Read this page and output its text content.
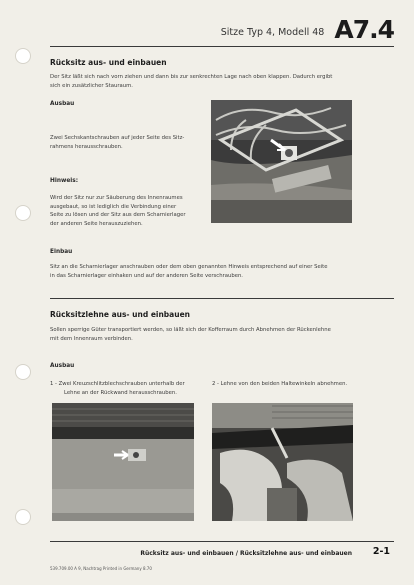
Sitze Typ 4, Modell 48 A7.4
Rücksitz aus- und einbauen
Der Sitz läßt sich nach vorn ziehen und dann bis zur senkrechten Lage nach oben klappen. Dadurch ergibt
sich ein zusätzlicher Stauraum.
Ausbau
Zwei Sechskantschrauben auf jeder Seite des Sitz-
rahmens herausschrauben.
Hinweis:
Wird der Sitz nur zur Säuberung des Innenraumes
ausgebaut, so ist lediglich die Verbindung einer
Seite zu lösen und der Sitz aus dem Scharnierlager
der anderen Seite herauszuziehen.
Einbau
Sitz an die Scharnierlager anschrauben oder dem oben genannten Hinweis entsprechend auf einer Seite
in das Scharnierlager einhaken und auf der anderen Seite verschrauben.
Rücksitzlehne aus- und einbauen
Sollen sperrige Güter transportiert werden, so läßt sich der Kofferraum durch Abnehmen der Rückenlehne
mit dem Innenraum verbinden.
Ausbau
1 - Zwei Kreuzschlitzblechschrauben unterhalb der
Lehne an der Rückwand herausschrauben.
2 - Lehne von den beiden Haltewinkeln abnehmen.
Rücksitz aus- und einbauen / Rücksitzlehne aus- und einbauen 2-1
539.709.00 A 9, Nachtrag Printed in Germany 8.70
